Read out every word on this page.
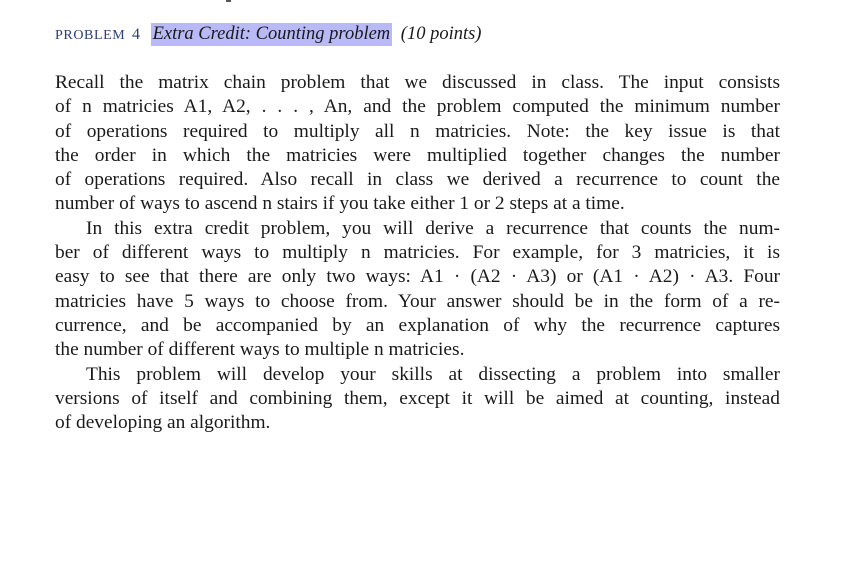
PROBLEM 4 Extra Credit: Counting problem (10 points)

Recall the matrix chain problem that we discussed in class. The input consists
of n matricies A1, A2, . . . , An, and the problem computed the minimum number
of operations required to multiply all n matricies. Note: the key issue is that
the order in which the matricies were multiplied together changes the number
of operations required. Also recall in class we derived a recurrence to count the
number of ways to ascend n stairs if you take either 1 or 2 steps at a time.

In this extra credit problem, you will derive a recurrence that counts the num-
ber of different ways to multiply n matricies. For example, for 3 matricies, it is
easy to see that there are only two ways: A1 · (A2 · A3) or (A1 · A2) · A3. Four
matricies have 5 ways to choose from. Your answer should be in the form of a re-
currence, and be accompanied by an explanation of why the recurrence captures
the number of different ways to multiple n matricies.

This problem will develop your skills at dissecting a problem into smaller
versions of itself and combining them, except it will be aimed at counting, instead
of developing an algorithm.
